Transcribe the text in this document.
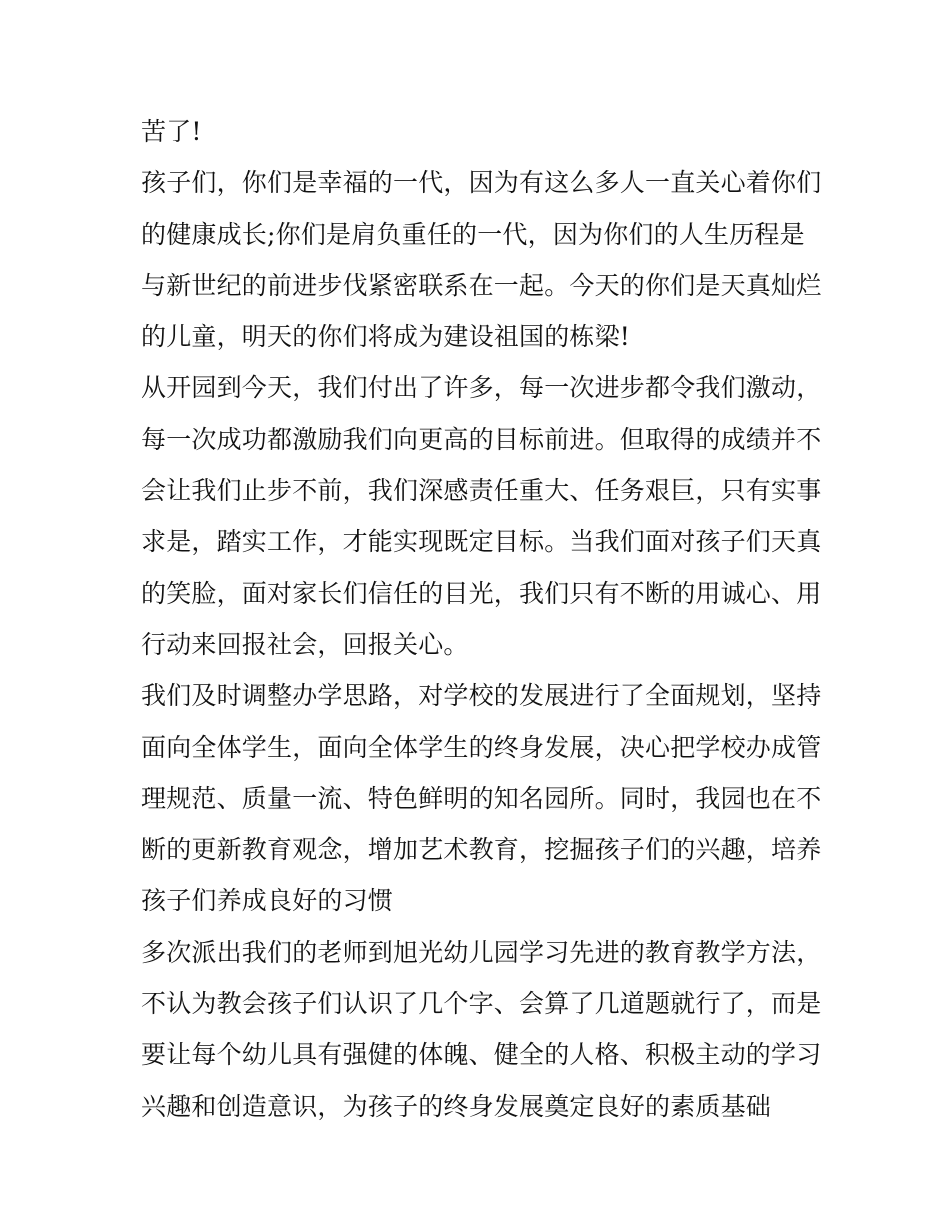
苦了!

孩子们，你们是幸福的一代，因为有这么多人一直关心着你们
的健康成长;你们是肩负重任的一代，因为你们的人生历程是
与新世纪的前进步伐紧密联系在一起。今天的你们是天真灿烂
的儿童，明天的你们将成为建设祖国的栋梁!

从开园到今天，我们付出了许多，每一次进步都令我们激动，
每一次成功都激励我们向更高的目标前进。但取得的成绩并不
会让我们止步不前，我们深感责任重大、任务艰巨，只有实事
求是，踏实工作，才能实现既定目标。当我们面对孩子们天真
的笑脸，面对家长们信任的目光，我们只有不断的用诚心、用
行动来回报社会，回报关心。

我们及时调整办学思路，对学校的发展进行了全面规划，坚持
面向全体学生，面向全体学生的终身发展，决心把学校办成管
理规范、质量一流、特色鲜明的知名园所。同时，我园也在不
断的更新教育观念，增加艺术教育，挖掘孩子们的兴趣，培养
孩子们养成良好的习惯

多次派出我们的老师到旭光幼儿园学习先进的教育教学方法，
不认为教会孩子们认识了几个字、会算了几道题就行了，而是
要让每个幼儿具有强健的体魄、健全的人格、积极主动的学习
兴趣和创造意识，为孩子的终身发展奠定良好的素质基础
